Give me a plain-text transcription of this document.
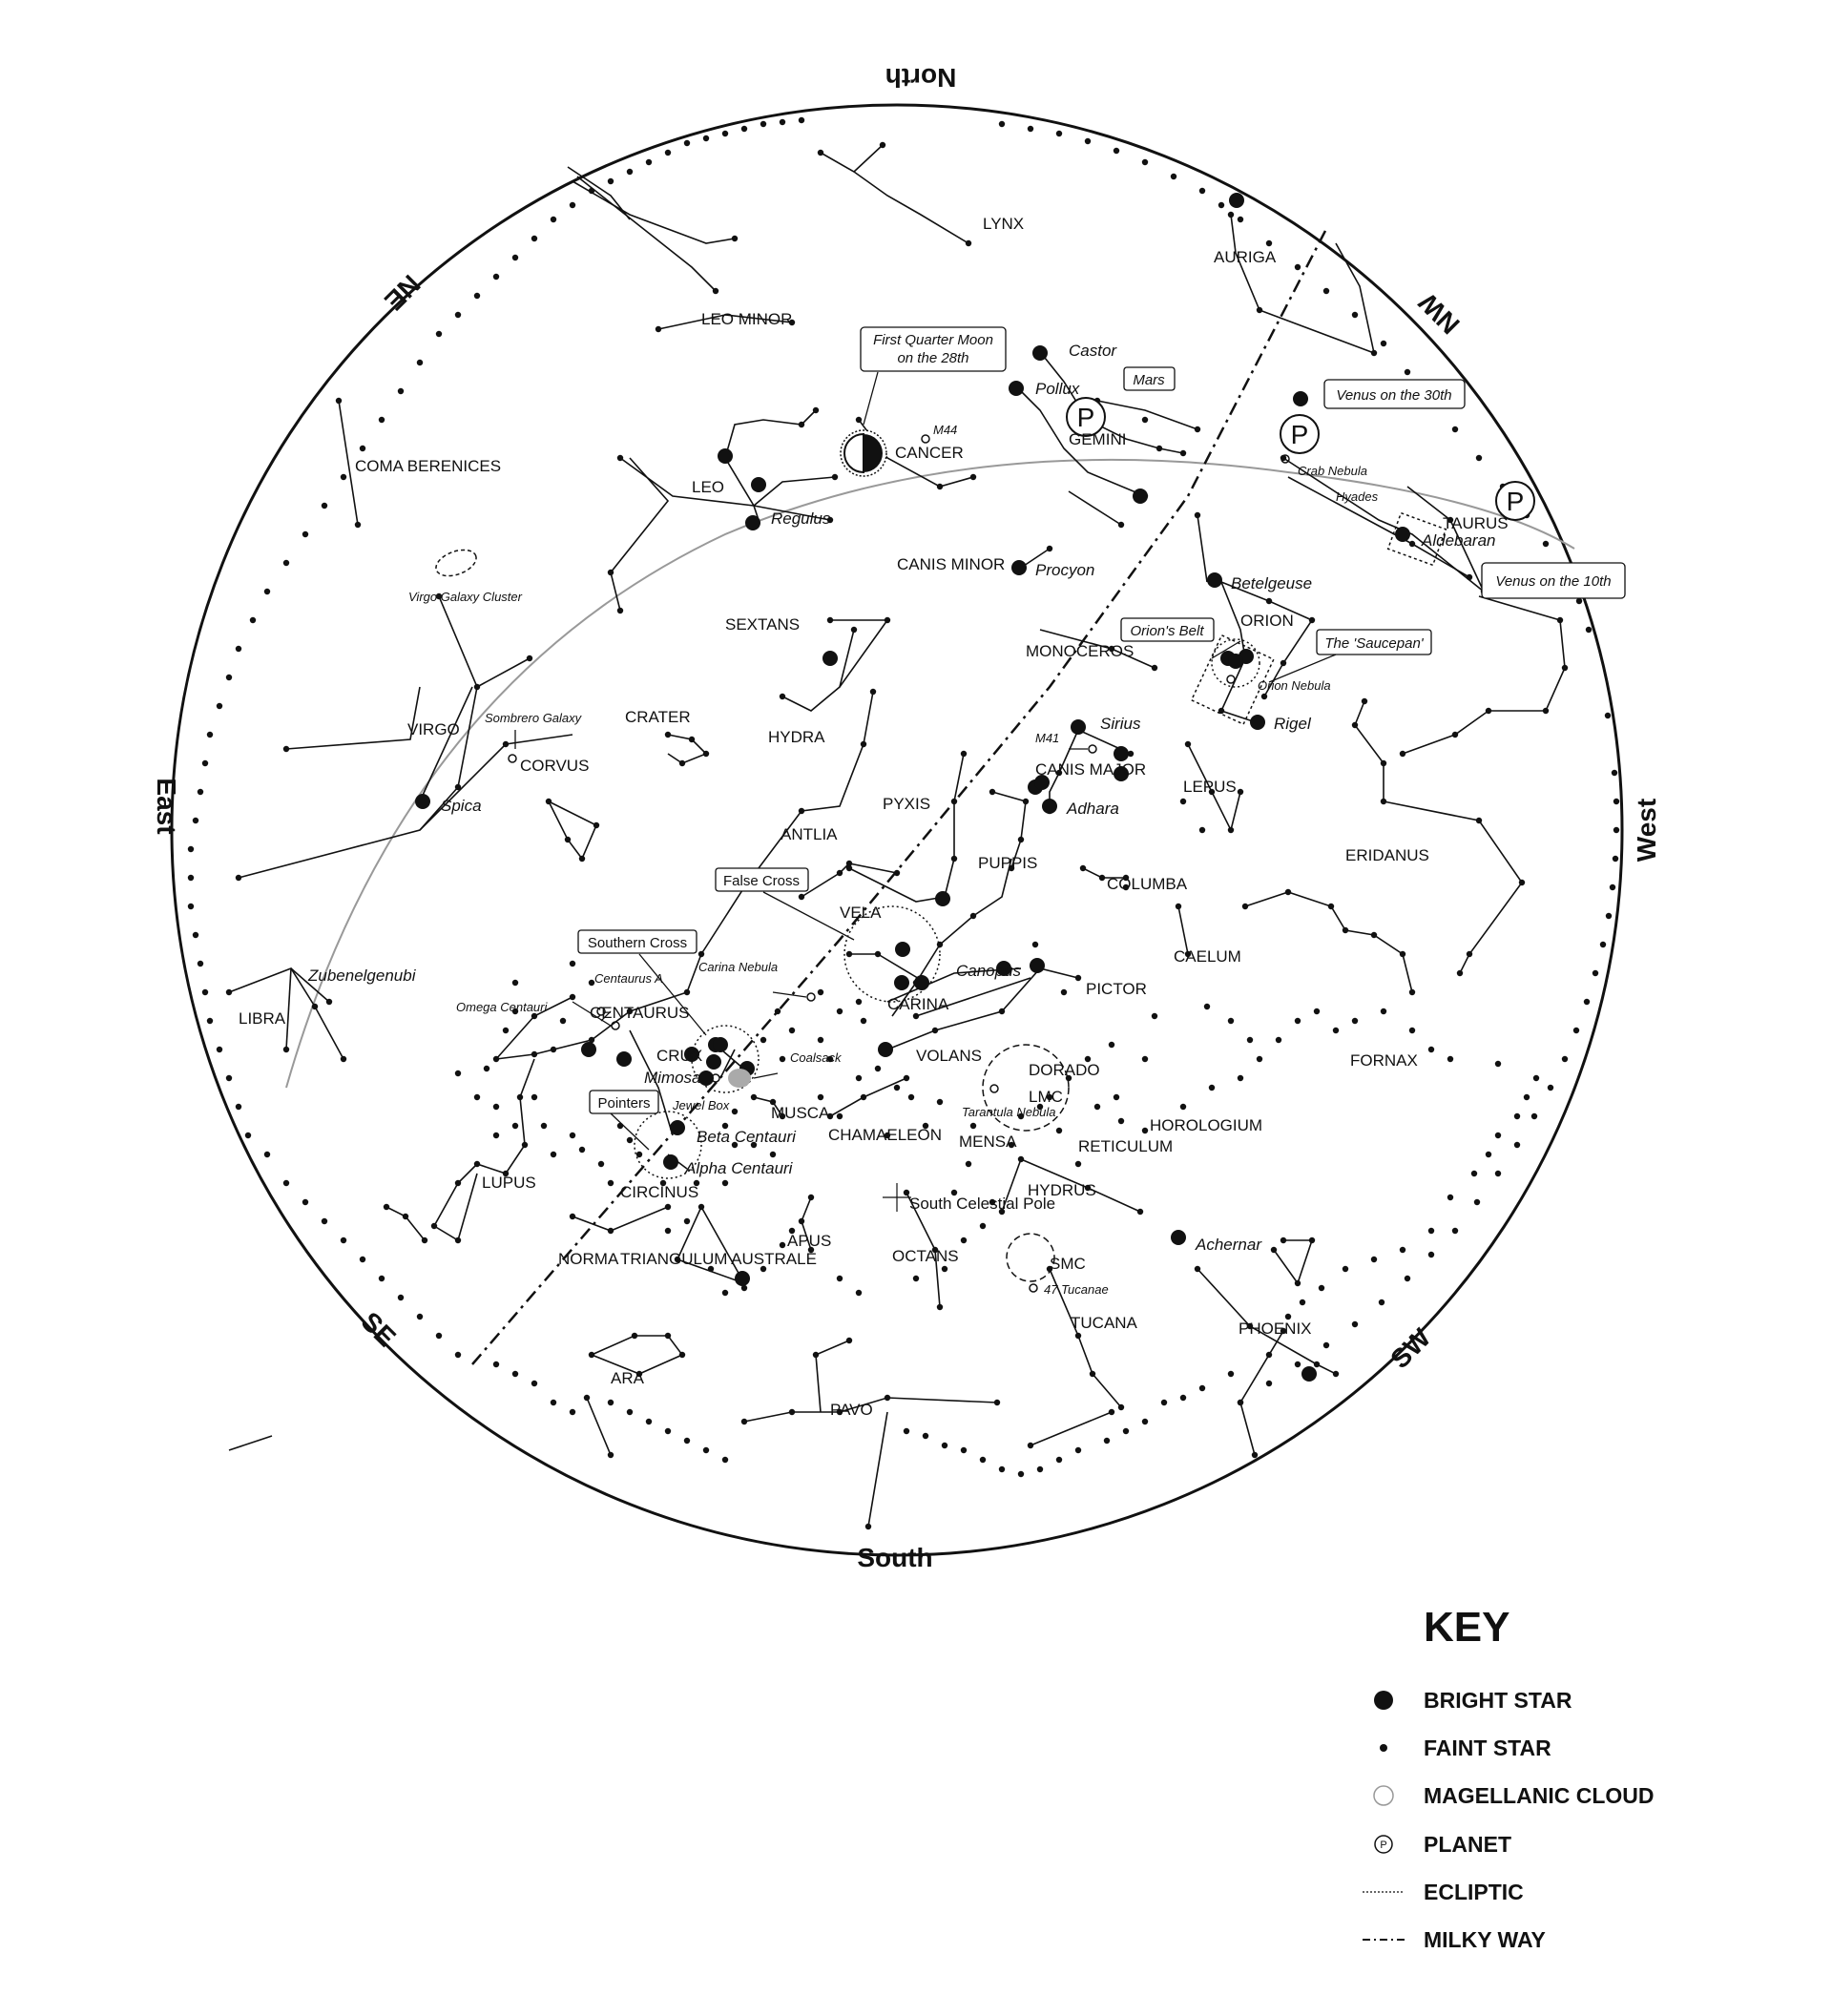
P
P
P
North
South
East	West
NE	NW
SE	SW
LYNX
AURIGA
LEO MINOR
COMA BERENICES
LEO
CANCER
GEMINI
TAURUS
CANIS MINOR
SEXTANS	ORION
MONOCEROS
CRATER
VIRGO	HYDRA
CORVUS	CANIS MAJOR
LEPUS
PYXIS
ANTLIA
PUPPIS	ERIDANUS
COLUMBA
VELA
CAELUM
LIBRA	CENTAURUS	CARINA
PICTOR
CRUX	VOLANS
DORADO
FORNAX
LMC
MUSCA
HOROLOGIUM
CHAMAELEON MENSA	RETICULUM
LUPUS
CIRCINUS	HYDRUS
APUS
NORMA TRIANGULUM AUSTRALE	OCTANS	SMC
TUCANA	PHOENIX
ARA
PAVO
Castor
Pollux
Regulus
Procyon
Aldebaran
Betelgeuse
Rigel
Sirius
Adhara
Spica
Zubenelgenubi	Canopus
Mimosa
Beta Centauri
Alpha Centauri
Achernar
M44
Crab Nebula
Hyades
Virgo Galaxy Cluster
Orion Nebula
Sombrero Galaxy
M41
Carina Nebula
Centaurus A
Omega Centauri
Coalsack
Jewel Box	Tarantula Nebula
47 Tucanae
South Celestial Pole
First Quarter Moon
on the 28th
Mars
Venus on the 30th
Venus on the 10th
Orion's Belt
The 'Saucepan'
False Cross
Southern Cross
Pointers
KEY
BRIGHT STAR
FAINT STAR
MAGELLANIC CLOUD
P PLANET
ECLIPTIC
MILKY WAY
